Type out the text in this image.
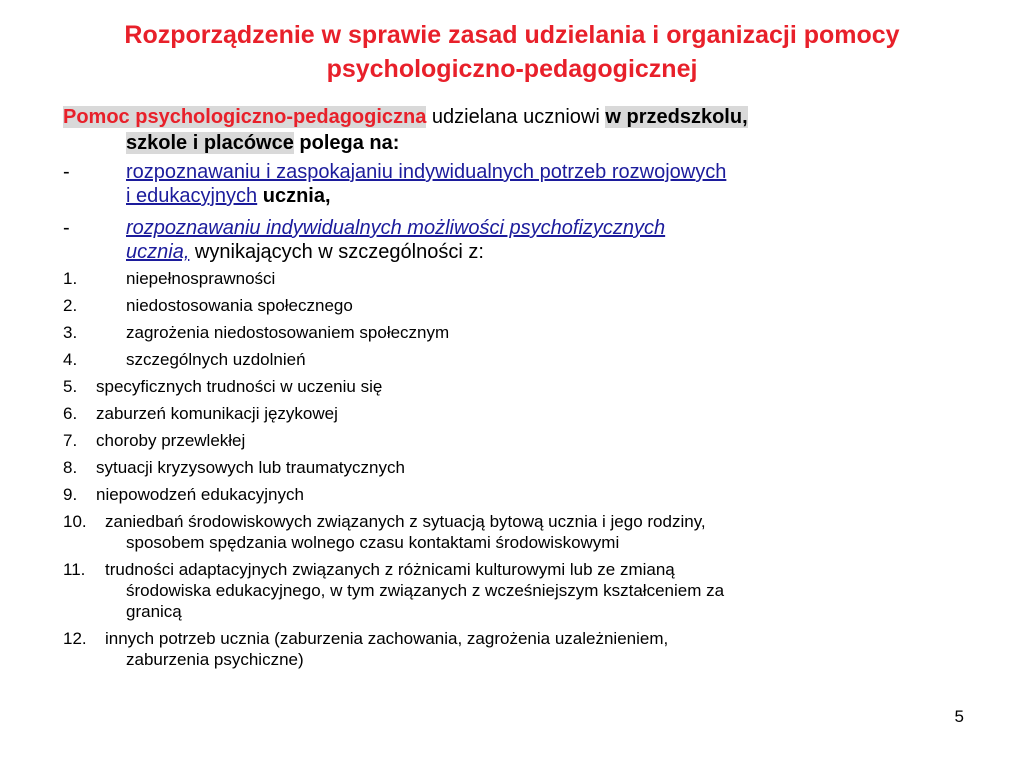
Rozporządzenie w sprawie zasad udzielania i organizacji pomocy
psychologiczno-pedagogicznej
Pomoc psychologiczno-pedagogiczna udzielana uczniowi w przedszkolu,
szkole i placówce polega na:
-	rozpoznawaniu i zaspokajaniu indywidualnych potrzeb rozwojowych
i edukacyjnych ucznia,
-	rozpoznawaniu indywidualnych możliwości psychofizycznych
ucznia, wynikających w szczególności z:
1.	niepełnosprawności
2.	niedostosowania społecznego
3.	zagrożenia niedostosowaniem społecznym
4.	szczególnych uzdolnień
5. specyficznych trudności w uczeniu się
6. zaburzeń komunikacji językowej
7. choroby przewlekłej
8. sytuacji kryzysowych lub traumatycznych
9. niepowodzeń edukacyjnych
10. zaniedbań środowiskowych związanych z sytuacją bytową ucznia i jego rodziny,
sposobem spędzania wolnego czasu kontaktami środowiskowymi
11. trudności adaptacyjnych związanych z różnicami kulturowymi lub ze zmianą
środowiska edukacyjnego, w tym związanych z wcześniejszym kształceniem za
granicą
12. innych potrzeb ucznia (zaburzenia zachowania, zagrożenia uzależnieniem,
zaburzenia psychiczne)
5
